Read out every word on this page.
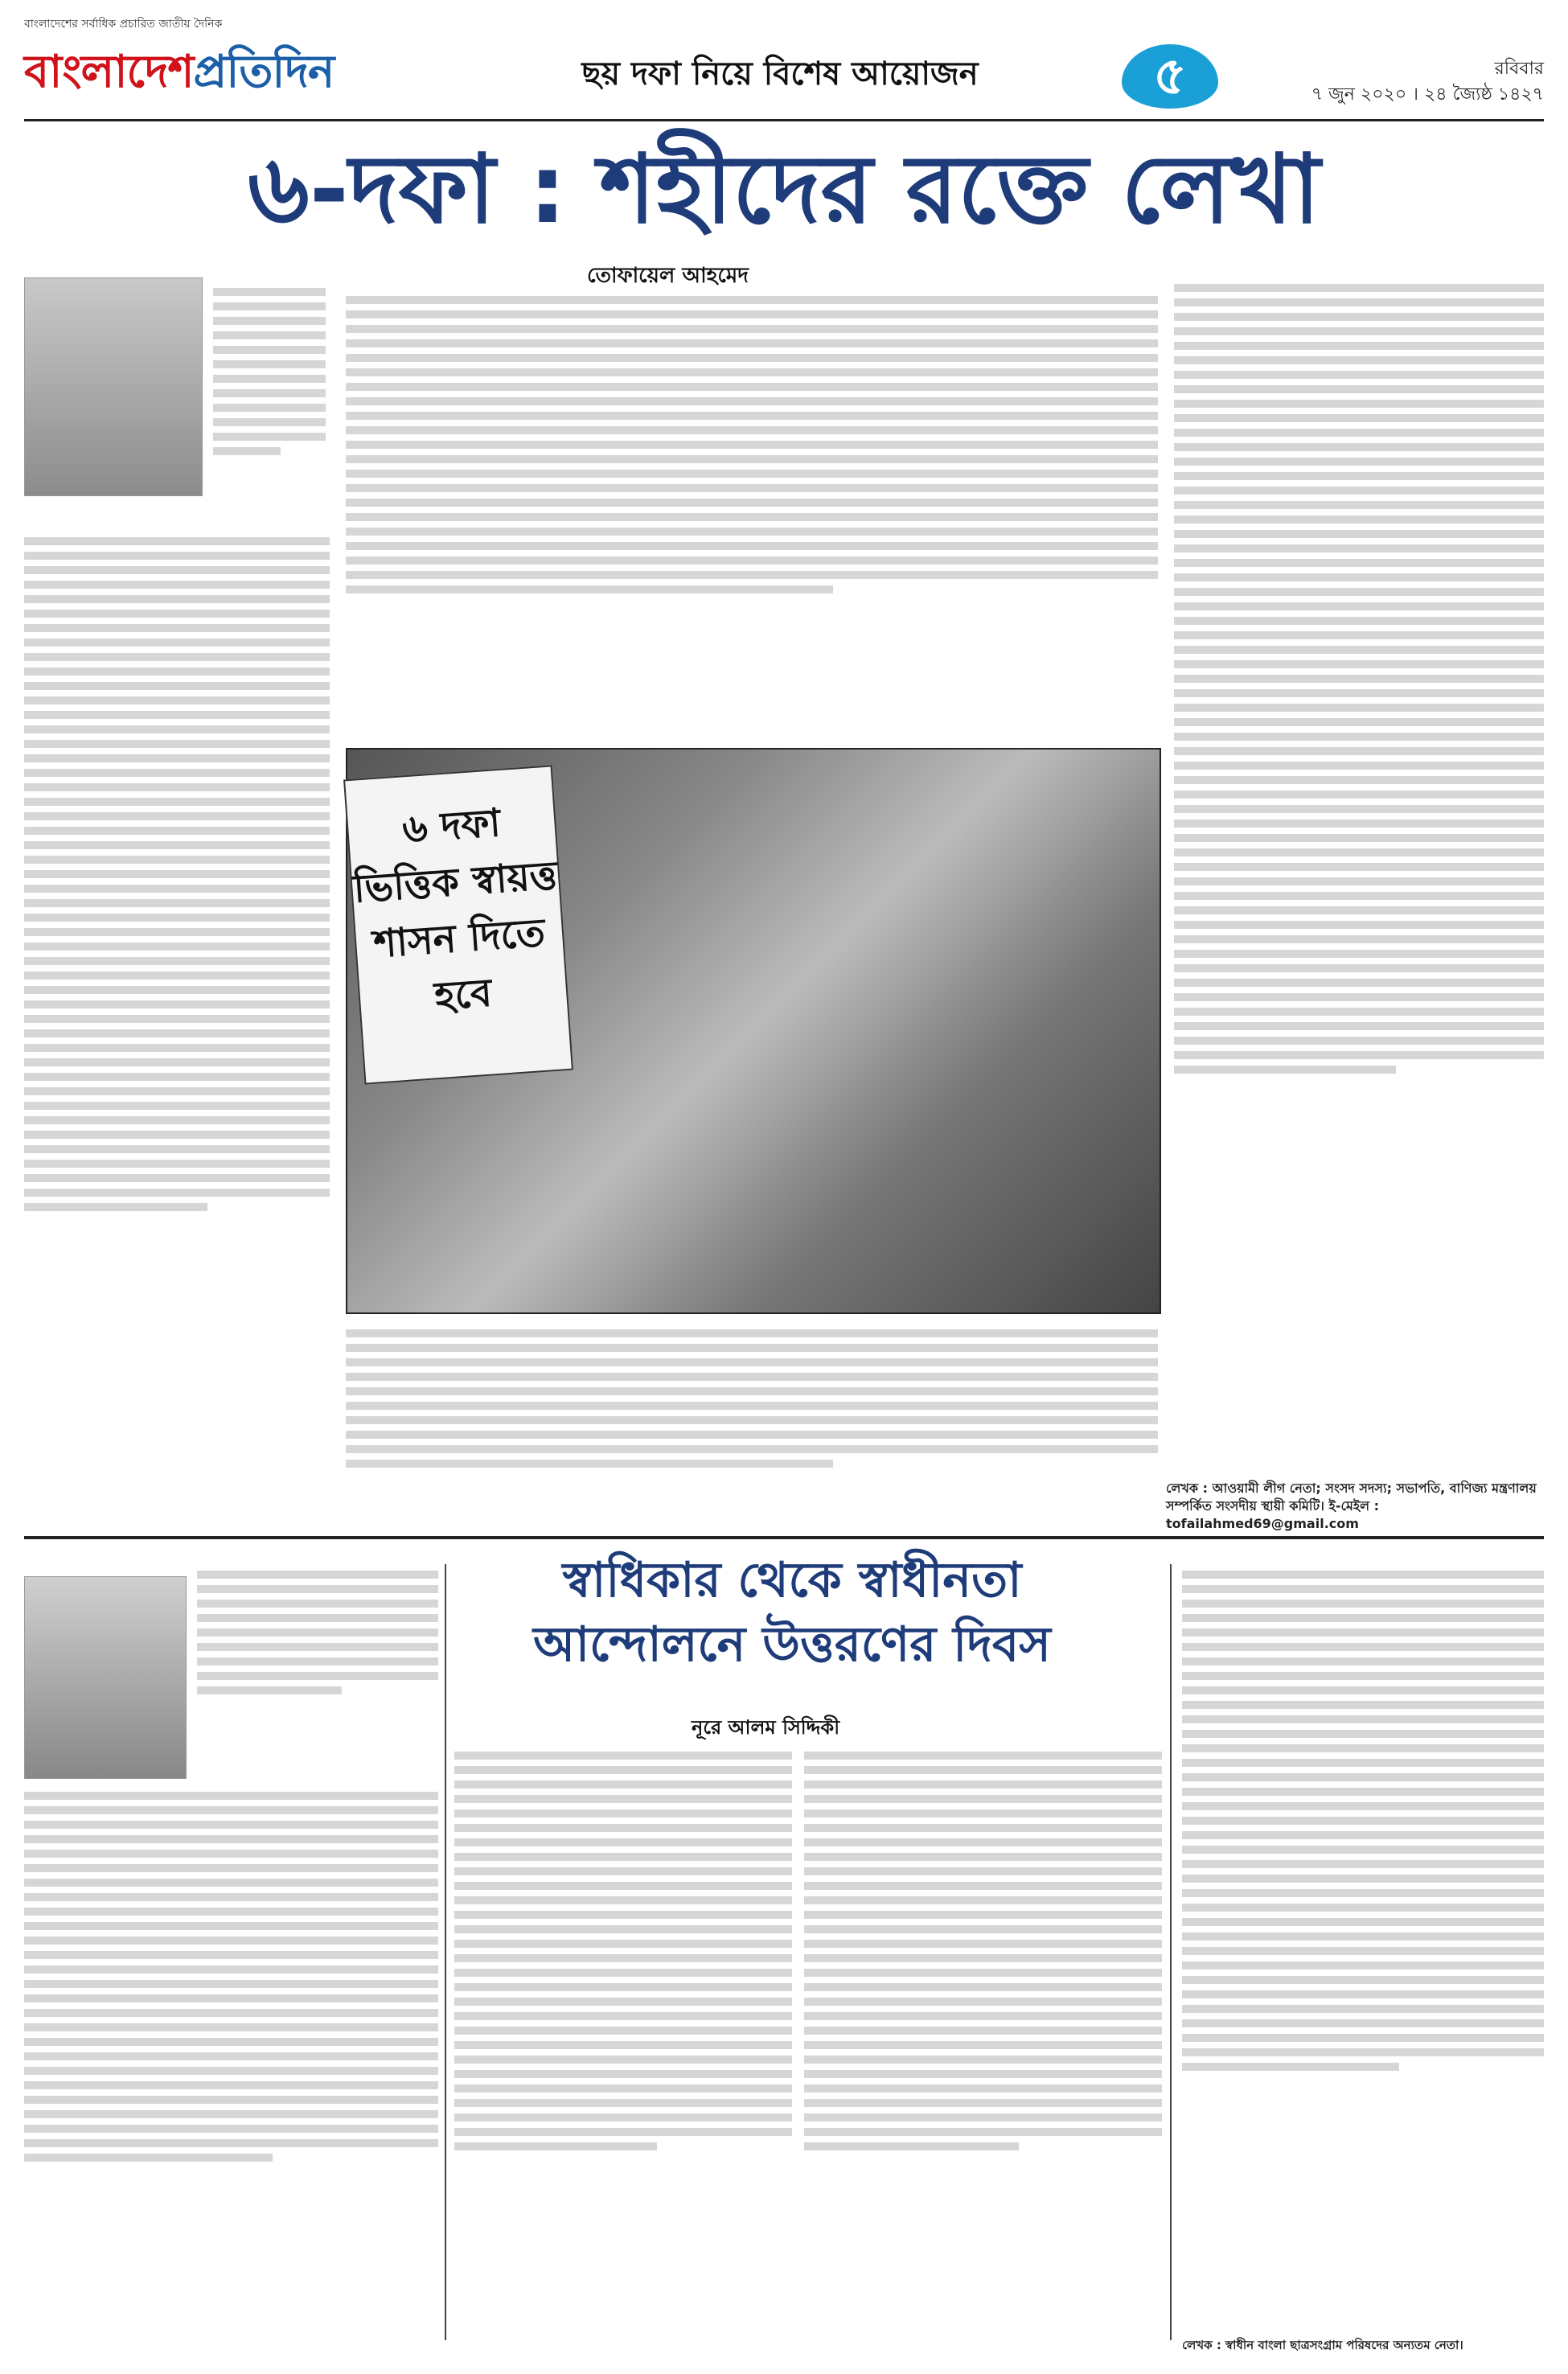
বাংলাদেশের সর্বাধিক প্রচারিত জাতীয় দৈনিক
বাংলাদেশপ্রতিদিন	ছয় দফা নিয়ে বিশেষ আয়োজন	৫	রবিবার
৭ জুন ২০২০ । ২৪ জ্যৈষ্ঠ ১৪২৭
৬-দফা : শহীদের রক্তে লেখা
তোফায়েল আহমেদ
৬ দফা ভিত্তিক স্বায়ত্ত শাসন দিতে হবে
লেখক : আওয়ামী লীগ নেতা; সংসদ সদস্য; সভাপতি, বাণিজ্য মন্ত্রণালয় সম্পর্কিত সংসদীয় স্থায়ী কমিটি। ই-মেইল : tofailahmed69@gmail.com
স্বাধিকার থেকে স্বাধীনতা আন্দোলনে উত্তরণের দিবস
নূরে আলম সিদ্দিকী
লেখক : স্বাধীন বাংলা ছাত্রসংগ্রাম পরিষদের অন্যতম নেতা।
